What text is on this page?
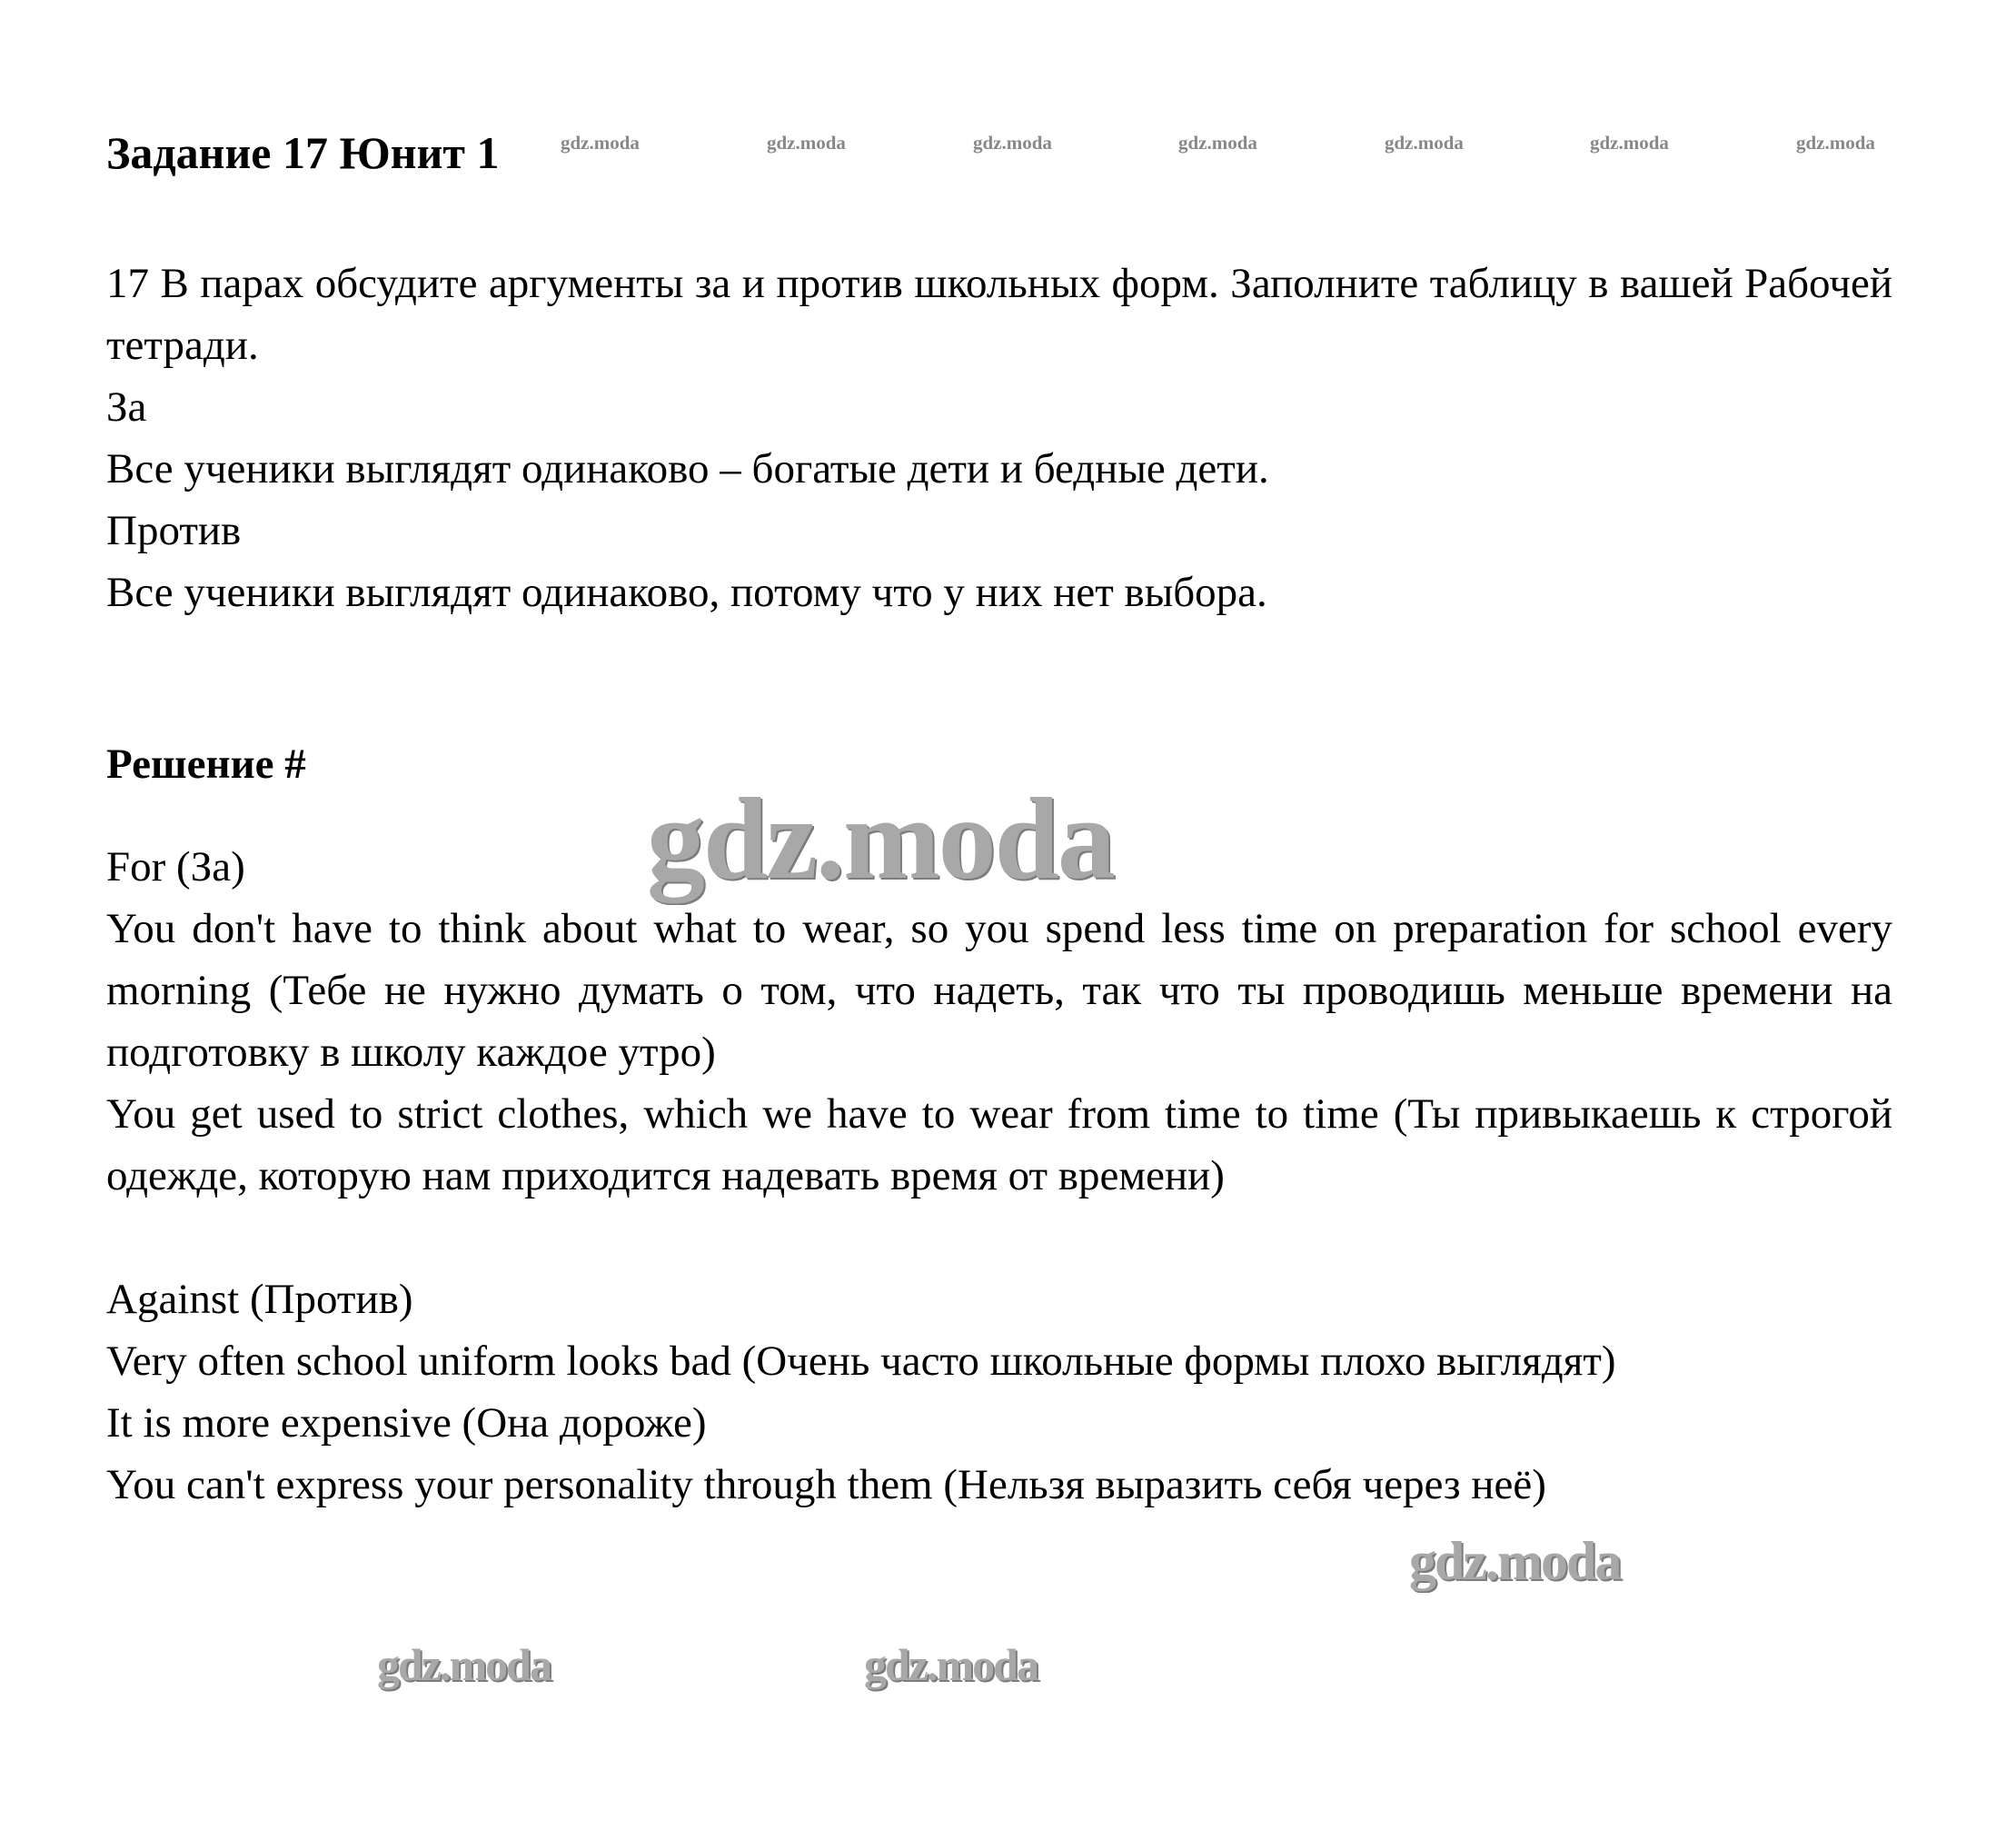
Задание 17 Юнит 1	gdz.moda	gdz.moda	gdz.moda	gdz.moda	gdz.moda	gdz.moda	gdz.moda

17 В парах обсудите аргументы за и против школьных форм. Заполните таблицу в вашей Рабочей тетради.

За

Все ученики выглядят одинаково – богатые дети и бедные дети.

Против

Все ученики выглядят одинаково, потому что у них нет выбора.

Решение #

For (За)

You don't have to think about what to wear, so you spend less time on preparation for school every morning (Тебе не нужно думать о том, что надеть, так что ты проводишь меньше времени на подготовку в школу каждое утро)

You get used to strict clothes, which we have to wear from time to time (Ты привыкаешь к строгой одежде, которую нам приходится надевать время от времени)

Against (Против)

Very often school uniform looks bad (Очень часто школьные формы плохо выглядят)

It is more expensive (Она дороже)

You can't express your personality through them (Нельзя выразить себя через неё)

gdz.moda
gdz.moda
gdz.moda	gdz.moda
